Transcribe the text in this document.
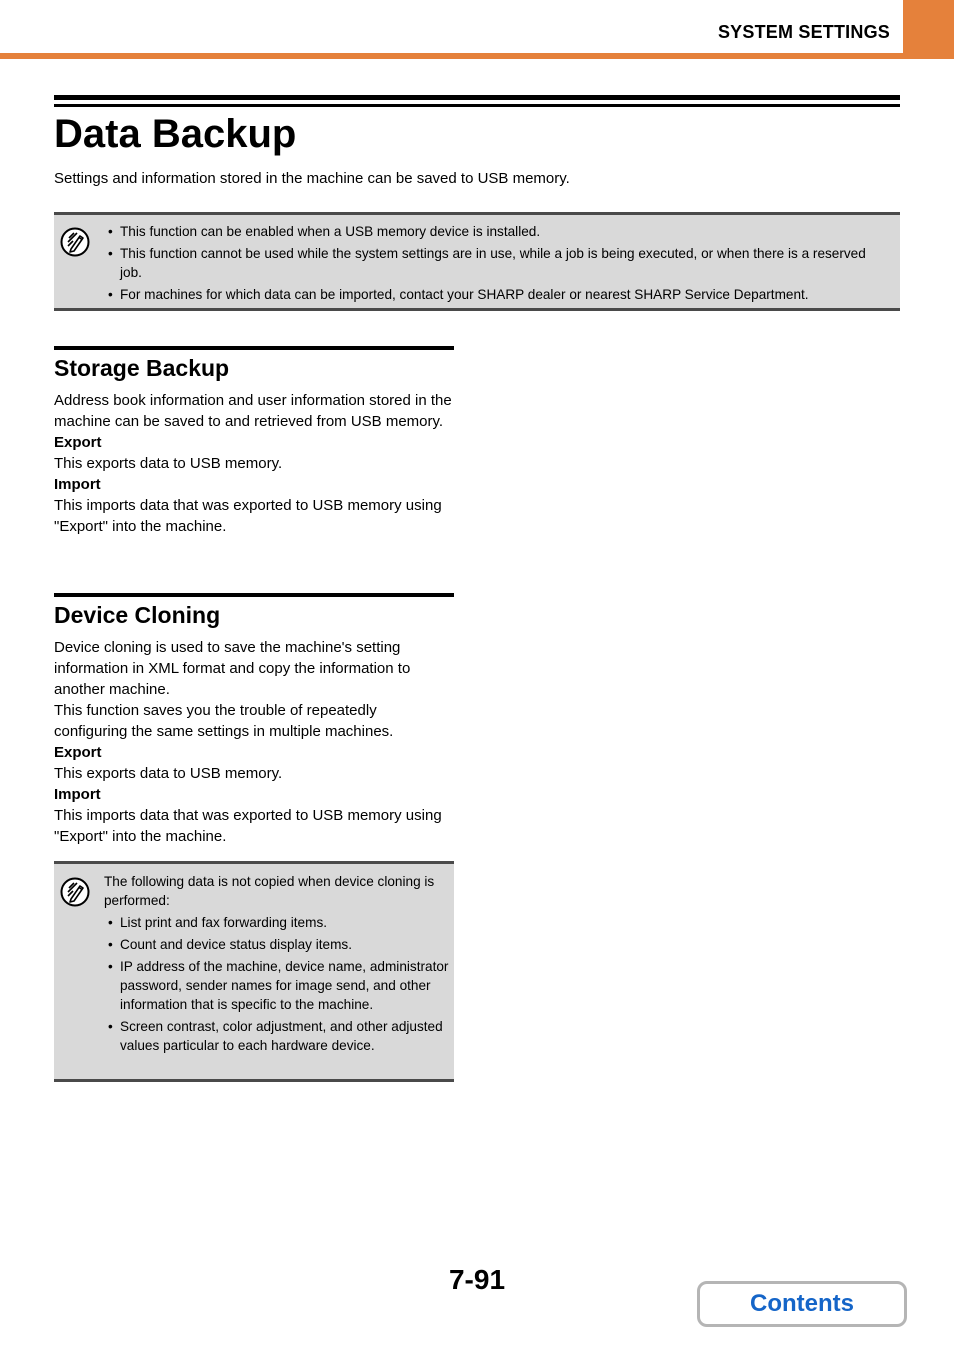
SYSTEM SETTINGS
Data Backup
Settings and information stored in the machine can be saved to USB memory.
• This function can be enabled when a USB memory device is installed.
• This function cannot be used while the system settings are in use, while a job is being executed, or when there is a reserved job.
• For machines for which data can be imported, contact your SHARP dealer or nearest SHARP Service Department.
Storage Backup

Address book information and user information stored in the machine can be saved to and retrieved from USB memory.

Export

This exports data to USB memory.

Import

This imports data that was exported to USB memory using "Export" into the machine.

Device Cloning

Device cloning is used to save the machine's setting information in XML format and copy the information to another machine.

This function saves you the trouble of repeatedly configuring the same settings in multiple machines.

Export

This exports data to USB memory.

Import

This imports data that was exported to USB memory using "Export" into the machine.

The following data is not copied when device cloning is performed:
• List print and fax forwarding items.
• Count and device status display items.
• IP address of the machine, device name, administrator password, sender names for image send, and other information that is specific to the machine.
• Screen contrast, color adjustment, and other adjusted values particular to each hardware device.
7-91
Contents
